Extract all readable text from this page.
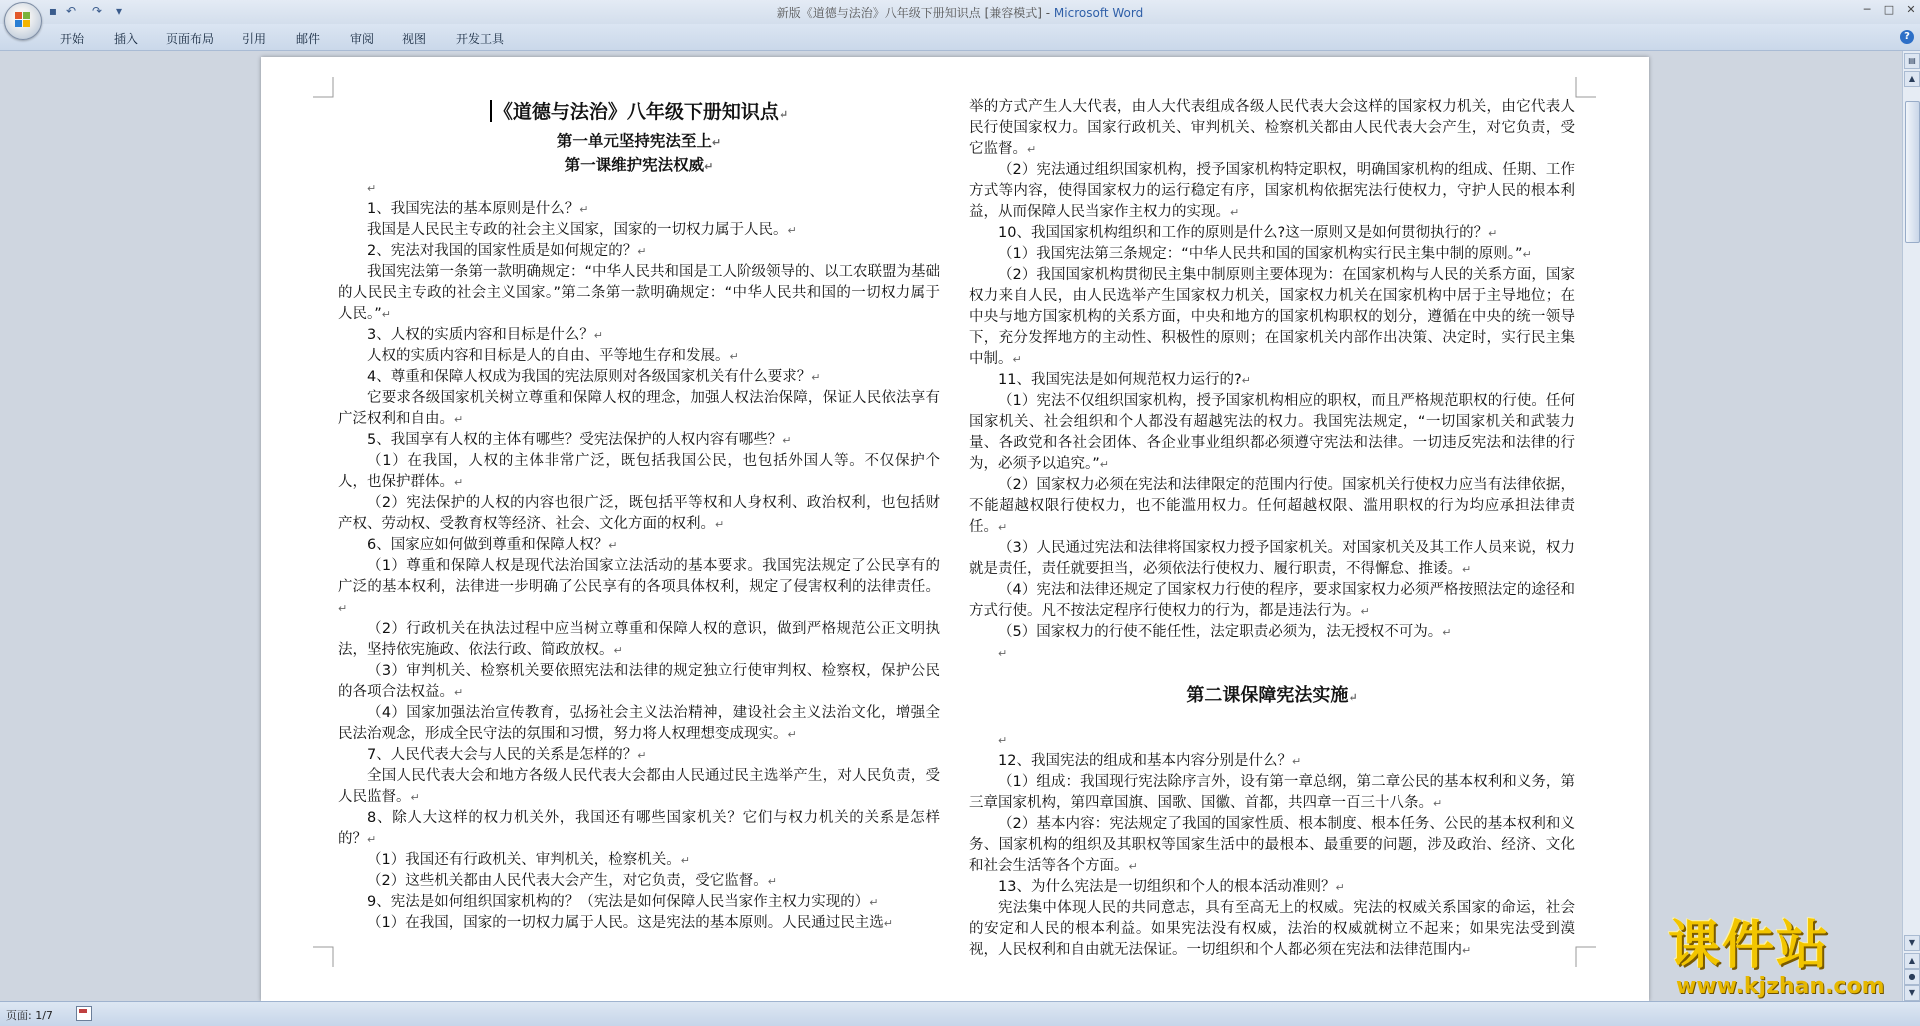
▪ ↶ ↷	▾	新版《道德与法治》八年级下册知识点 [兼容模式] - Microsoft Word	─	□	✕
开始 插入 页面布局 引用 邮件 审阅 视图 开发工具	?

《道德与法治》八年级下册知识点↵

第一单元坚持宪法至上↵

第一课维护宪法权威↵

↵

1、我国宪法的基本原则是什么？↵

我国是人民民主专政的社会主义国家，国家的一切权力属于人民。↵

2、宪法对我国的国家性质是如何规定的？↵

我国宪法第一条第一款明确规定：“中华人民共和国是工人阶级领导的、以工农联盟为基础的人民民主专政的社会主义国家。”第二条第一款明确规定：“中华人民共和国的一切权力属于人民。”↵

3、人权的实质内容和目标是什么？↵

人权的实质内容和目标是人的自由、平等地生存和发展。↵

4、尊重和保障人权成为我国的宪法原则对各级国家机关有什么要求？↵

它要求各级国家机关树立尊重和保障人权的理念，加强人权法治保障，保证人民依法享有广泛权利和自由。↵

5、我国享有人权的主体有哪些？受宪法保护的人权内容有哪些？↵

（1）在我国，人权的主体非常广泛，既包括我国公民，也包括外国人等。不仅保护个人，也保护群体。↵

（2）宪法保护的人权的内容也很广泛，既包括平等权和人身权利、政治权利，也包括财产权、劳动权、受教育权等经济、社会、文化方面的权利。↵

6、国家应如何做到尊重和保障人权？↵

（1）尊重和保障人权是现代法治国家立法活动的基本要求。我国宪法规定了公民享有的广泛的基本权利，法律进一步明确了公民享有的各项具体权利，规定了侵害权利的法律责任。↵

（2）行政机关在执法过程中应当树立尊重和保障人权的意识，做到严格规范公正文明执法，坚持依宪施政、依法行政、简政放权。↵

（3）审判机关、检察机关要依照宪法和法律的规定独立行使审判权、检察权，保护公民的各项合法权益。↵

（4）国家加强法治宣传教育，弘扬社会主义法治精神，建设社会主义法治文化，增强全民法治观念，形成全民守法的氛围和习惯，努力将人权理想变成现实。↵

7、人民代表大会与人民的关系是怎样的？↵

全国人民代表大会和地方各级人民代表大会都由人民通过民主选举产生，对人民负责，受人民监督。↵

8、除人大这样的权力机关外，我国还有哪些国家机关？它们与权力机关的关系是怎样的？↵

（1）我国还有行政机关、审判机关，检察机关。↵

（2）这些机关都由人民代表大会产生，对它负责，受它监督。↵

9、宪法是如何组织国家机构的？（宪法是如何保障人民当家作主权力实现的）↵

（1）在我国，国家的一切权力属于人民。这是宪法的基本原则。人民通过民主选↵

举的方式产生人大代表，由人大代表组成各级人民代表大会这样的国家权力机关，由它代表人民行使国家权力。国家行政机关、审判机关、检察机关都由人民代表大会产生，对它负责，受它监督。↵

（2）宪法通过组织国家机构，授予国家机构特定职权，明确国家机构的组成、任期、工作方式等内容，使得国家权力的运行稳定有序，国家机构依据宪法行使权力，守护人民的根本利益，从而保障人民当家作主权力的实现。↵

10、我国国家机构组织和工作的原则是什么?这一原则又是如何贯彻执行的？↵

（1）我国宪法第三条规定：“中华人民共和国的国家机构实行民主集中制的原则。”↵

（2）我国国家机构贯彻民主集中制原则主要体现为：在国家机构与人民的关系方面，国家权力来自人民，由人民选举产生国家权力机关，国家权力机关在国家机构中居于主导地位；在中央与地方国家机构的关系方面，中央和地方的国家机构职权的划分，遵循在中央的统一领导下，充分发挥地方的主动性、积极性的原则；在国家机关内部作出决策、决定时，实行民主集中制。↵

11、我国宪法是如何规范权力运行的?↵

（1）宪法不仅组织国家机构，授予国家机构相应的职权，而且严格规范职权的行使。任何国家机关、社会组织和个人都没有超越宪法的权力。我国宪法规定，“一切国家机关和武装力量、各政党和各社会团体、各企业事业组织都必须遵守宪法和法律。一切违反宪法和法律的行为，必须予以追究。”↵

（2）国家权力必须在宪法和法律限定的范围内行使。国家机关行使权力应当有法律依据，不能超越权限行使权力，也不能滥用权力。任何超越权限、滥用职权的行为均应承担法律责任。↵

（3）人民通过宪法和法律将国家权力授予国家机关。对国家机关及其工作人员来说，权力就是责任，责任就要担当，必须依法行使权力、履行职责，不得懈怠、推诿。↵

（4）宪法和法律还规定了国家权力行使的程序，要求国家权力必须严格按照法定的途径和方式行使。凡不按法定程序行使权力的行为，都是违法行为。↵

（5）国家权力的行使不能任性，法定职责必须为，法无授权不可为。↵

↵

第二课保障宪法实施↵

↵

12、我国宪法的组成和基本内容分别是什么？↵

（1）组成：我国现行宪法除序言外，设有第一章总纲，第二章公民的基本权利和义务，第三章国家机构，第四章国旗、国歌、国徽、首都，共四章一百三十八条。↵

（2）基本内容：宪法规定了我国的国家性质、根本制度、根本任务、公民的基本权利和义务、国家机构的组织及其职权等国家生活中的最根本、最重要的问题，涉及政治、经济、文化和社会生活等各个方面。↵

13、为什么宪法是一切组织和个人的根本活动准则？↵

宪法集中体现人民的共同意志，具有至高无上的权威。宪法的权威关系国家的命运，社会的安定和人民的根本利益。如果宪法没有权威，法治的权威就树立不起来；如果宪法受到漠视，人民权利和自由就无法保证。一切组织和个人都必须在宪法和法律范围内↵

▤
▲
▼
▲
●
▼
页面: 1/7
课件站
www.kjzhan.com
